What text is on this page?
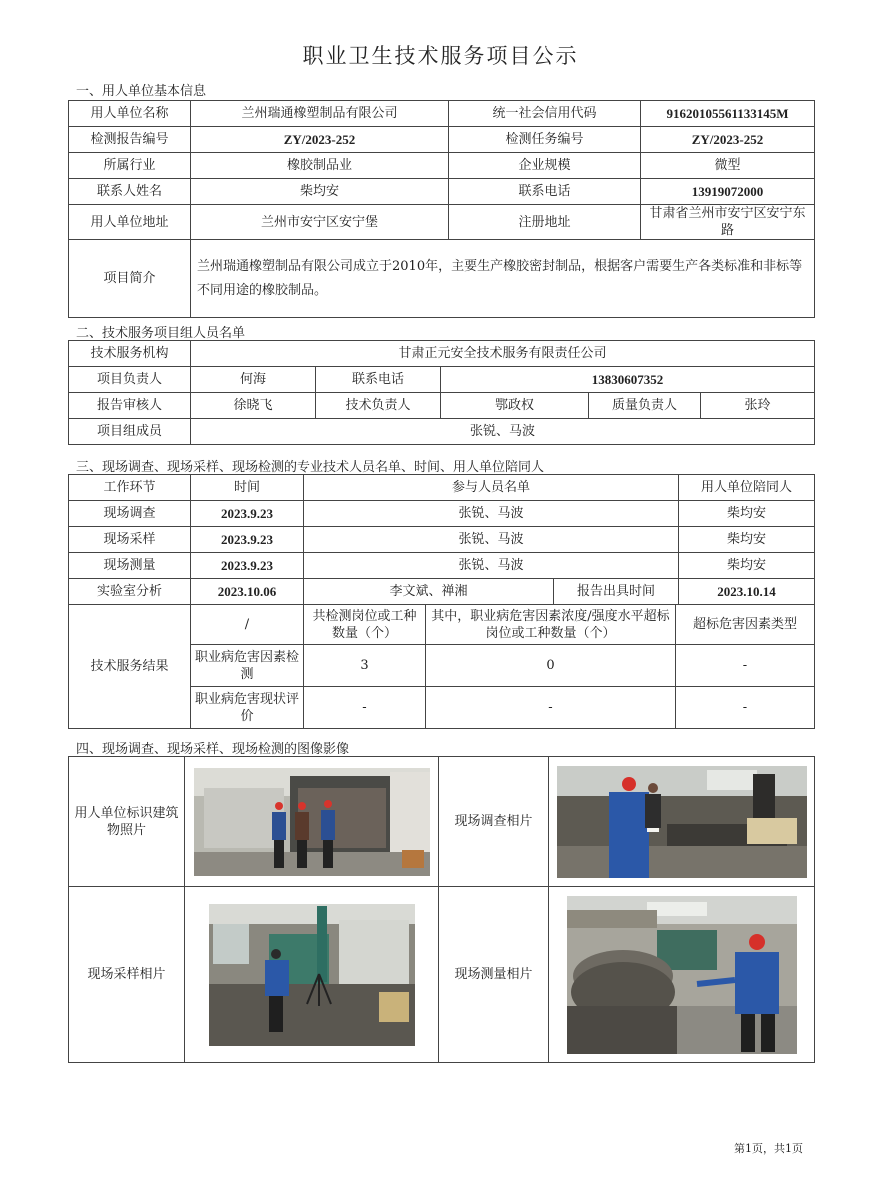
职业卫生技术服务项目公示
一、用人单位基本信息
用人单位名称	兰州瑞通橡塑制品有限公司	统一社会信用代码	91620105561133145M
检测报告编号	ZY/2023-252	检测任务编号	ZY/2023-252
所属行业	橡胶制品业	企业规模	微型
联系人姓名	柴均安	联系电话	13919072000
用人单位地址	兰州市安宁区安宁堡	注册地址	甘肃省兰州市安宁区安宁东路
项目简介	兰州瑞通橡塑制品有限公司成立于2010年，主要生产橡胶密封制品，根据客户需要生产各类标准和非标等不同用途的橡胶制品。		
二、技术服务项目组人员名单
技术服务机构	甘肃正元安全技术服务有限责任公司				
项目负责人	何海	联系电话	13830607352		
报告审核人	徐晓飞	技术负责人	鄂政权	质量负责人	张玲
项目组成员	张锐、马波				
三、现场调查、现场采样、现场检测的专业技术人员名单、时间、用人单位陪同人
工作环节	时间	参与人员名单		用人单位陪同人
现场调查	2023.9.23	张锐、马波		柴均安
现场采样	2023.9.23	张锐、马波		柴均安
现场测量	2023.9.23	张锐、马波		柴均安
实验室分析	2023.10.06	李文斌、禅湘	报告出具时间	2023.10.14
技术服务结果	/	共检测岗位或工种数量（个）	其中，职业病危害因素浓度/强度水平超标岗位或工种数量（个）	超标危害因素类型
	职业病危害因素检测	3	0	-
	职业病危害现状评价	-	-	-
四、现场调查、现场采样、现场检测的图像影像
用人单位标识建筑物照片		现场调查相片	

现场采样相片		现场测量相片	
第1页，共1页
